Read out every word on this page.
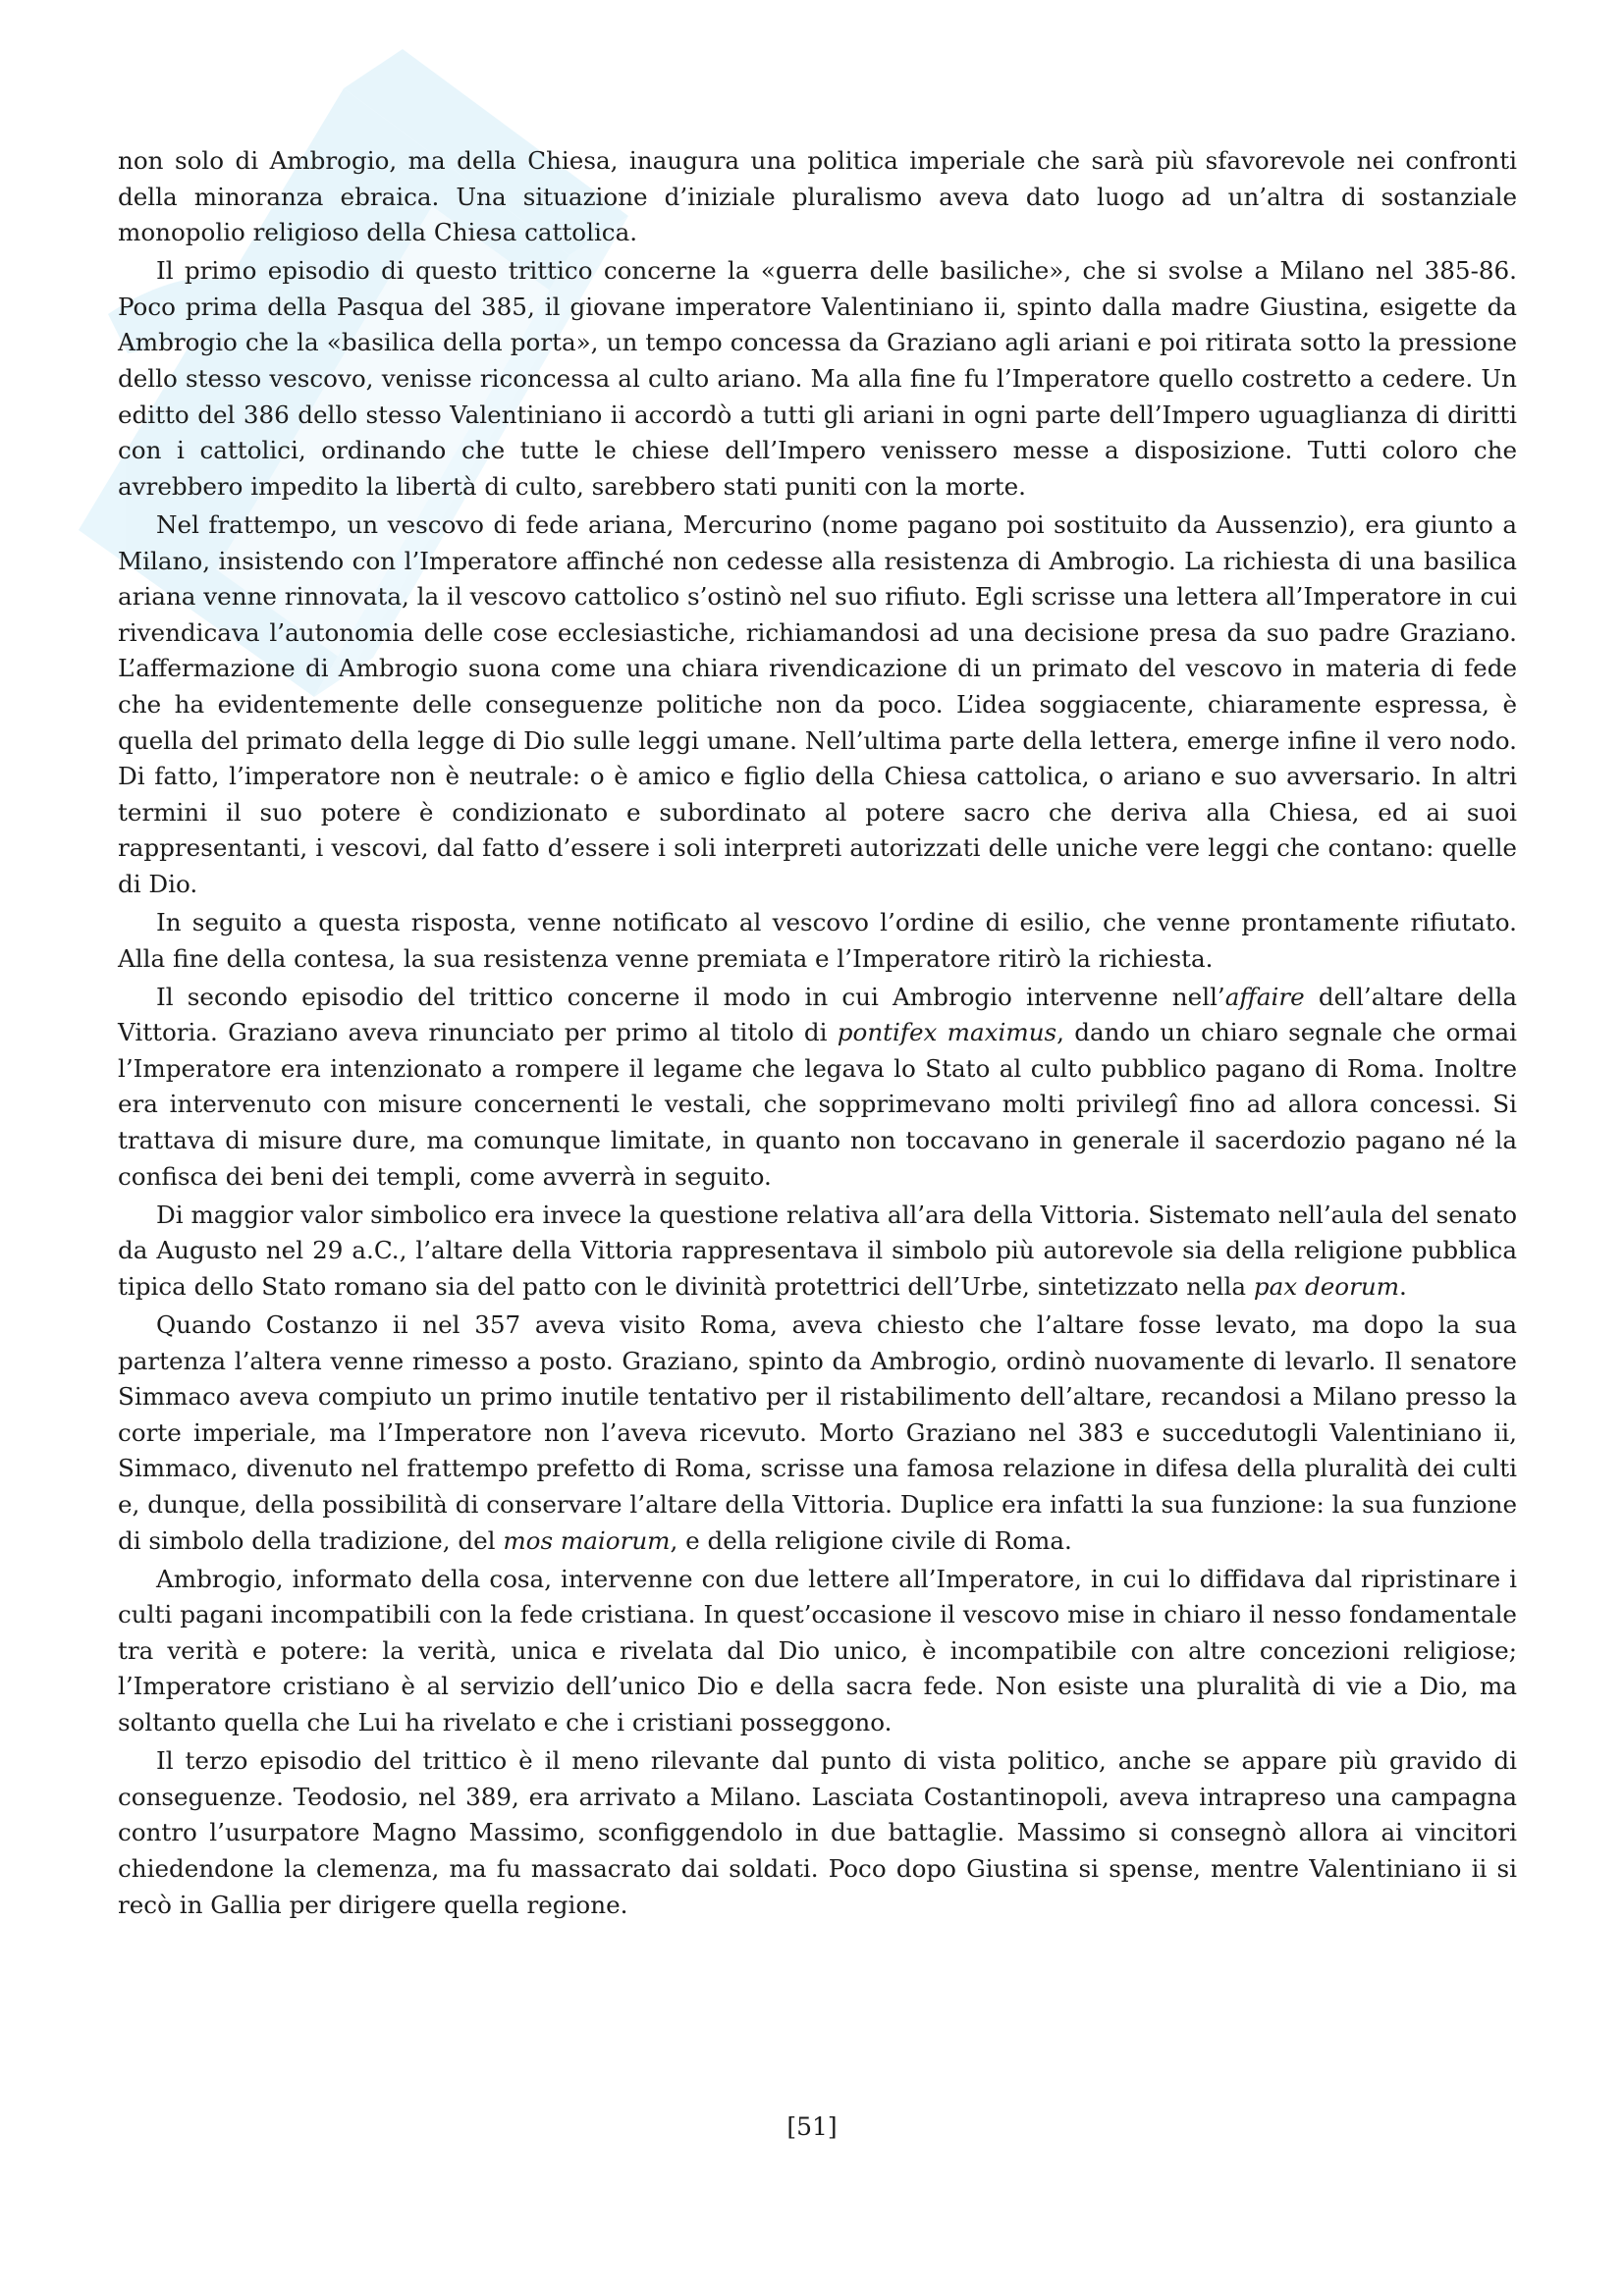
non solo di Ambrogio, ma della Chiesa, inaugura una politica imperiale che sarà più sfavorevole nei confronti della minoranza ebraica. Una situazione d’iniziale pluralismo aveva dato luogo ad un’altra di sostanziale monopolio religioso della Chiesa cattolica.

Il primo episodio di questo trittico concerne la «guerra delle basiliche», che si svolse a Milano nel 385-86. Poco prima della Pasqua del 385, il giovane imperatore Valentiniano ii, spinto dalla madre Giustina, esigette da Ambrogio che la «basilica della porta», un tempo concessa da Graziano agli ariani e poi ritirata sotto la pressione dello stesso vescovo, venisse riconcessa al culto ariano. Ma alla fine fu l’Imperatore quello costretto a cedere. Un editto del 386 dello stesso Valentiniano ii accordò a tutti gli ariani in ogni parte dell’Impero uguaglianza di diritti con i cattolici, ordinando che tutte le chiese dell’Impero venissero messe a disposizione. Tutti coloro che avrebbero impedito la libertà di culto, sarebbero stati puniti con la morte.

Nel frattempo, un vescovo di fede ariana, Mercurino (nome pagano poi sostituito da Aussenzio), era giunto a Milano, insistendo con l’Imperatore affinché non cedesse alla resistenza di Ambrogio. La richiesta di una basilica ariana venne rinnovata, la il vescovo cattolico s’ostinò nel suo rifiuto. Egli scrisse una lettera all’Imperatore in cui rivendicava l’autonomia delle cose ecclesiastiche, richiamandosi ad una decisione presa da suo padre Graziano. L’affermazione di Ambrogio suona come una chiara rivendicazione di un primato del vescovo in materia di fede che ha evidentemente delle conseguenze politiche non da poco. L’idea soggiacente, chiaramente espressa, è quella del primato della legge di Dio sulle leggi umane. Nell’ultima parte della lettera, emerge infine il vero nodo. Di fatto, l’imperatore non è neutrale: o è amico e figlio della Chiesa cattolica, o ariano e suo avversario. In altri termini il suo potere è condizionato e subordinato al potere sacro che deriva alla Chiesa, ed ai suoi rappresentanti, i vescovi, dal fatto d’essere i soli interpreti autorizzati delle uniche vere leggi che contano: quelle di Dio.

In seguito a questa risposta, venne notificato al vescovo l’ordine di esilio, che venne prontamente rifiutato. Alla fine della contesa, la sua resistenza venne premiata e l’Imperatore ritirò la richiesta.

Il secondo episodio del trittico concerne il modo in cui Ambrogio intervenne nell’affaire dell’altare della Vittoria. Graziano aveva rinunciato per primo al titolo di pontifex maximus, dando un chiaro segnale che ormai l’Imperatore era intenzionato a rompere il legame che legava lo Stato al culto pubblico pagano di Roma. Inoltre era intervenuto con misure concernenti le vestali, che sopprimevano molti privilegî fino ad allora concessi. Si trattava di misure dure, ma comunque limitate, in quanto non toccavano in generale il sacerdozio pagano né la confisca dei beni dei templi, come avverrà in seguito.

Di maggior valor simbolico era invece la questione relativa all’ara della Vittoria. Sistemato nell’aula del senato da Augusto nel 29 a.C., l’altare della Vittoria rappresentava il simbolo più autorevole sia della religione pubblica tipica dello Stato romano sia del patto con le divinità protettrici dell’Urbe, sintetizzato nella pax deorum.

Quando Costanzo ii nel 357 aveva visito Roma, aveva chiesto che l’altare fosse levato, ma dopo la sua partenza l’altera venne rimesso a posto. Graziano, spinto da Ambrogio, ordinò nuovamente di levarlo. Il senatore Simmaco aveva compiuto un primo inutile tentativo per il ristabilimento dell’altare, recandosi a Milano presso la corte imperiale, ma l’Imperatore non l’aveva ricevuto. Morto Graziano nel 383 e succedutogli Valentiniano ii, Simmaco, divenuto nel frattempo prefetto di Roma, scrisse una famosa relazione in difesa della pluralità dei culti e, dunque, della possibilità di conservare l’altare della Vittoria. Duplice era infatti la sua funzione: la sua funzione di simbolo della tradizione, del mos maiorum, e della religione civile di Roma.

Ambrogio, informato della cosa, intervenne con due lettere all’Imperatore, in cui lo diffidava dal ripristinare i culti pagani incompatibili con la fede cristiana. In quest’occasione il vescovo mise in chiaro il nesso fondamentale tra verità e potere: la verità, unica e rivelata dal Dio unico, è incompatibile con altre concezioni religiose; l’Imperatore cristiano è al servizio dell’unico Dio e della sacra fede. Non esiste una pluralità di vie a Dio, ma soltanto quella che Lui ha rivelato e che i cristiani posseggono.

Il terzo episodio del trittico è il meno rilevante dal punto di vista politico, anche se appare più gravido di conseguenze. Teodosio, nel 389, era arrivato a Milano. Lasciata Costantinopoli, aveva intrapreso una campagna contro l’usurpatore Magno Massimo, sconfiggendolo in due battaglie. Massimo si consegnò allora ai vincitori chiedendone la clemenza, ma fu massacrato dai soldati. Poco dopo Giustina si spense, mentre Valentiniano ii si recò in Gallia per dirigere quella regione.

[51]
